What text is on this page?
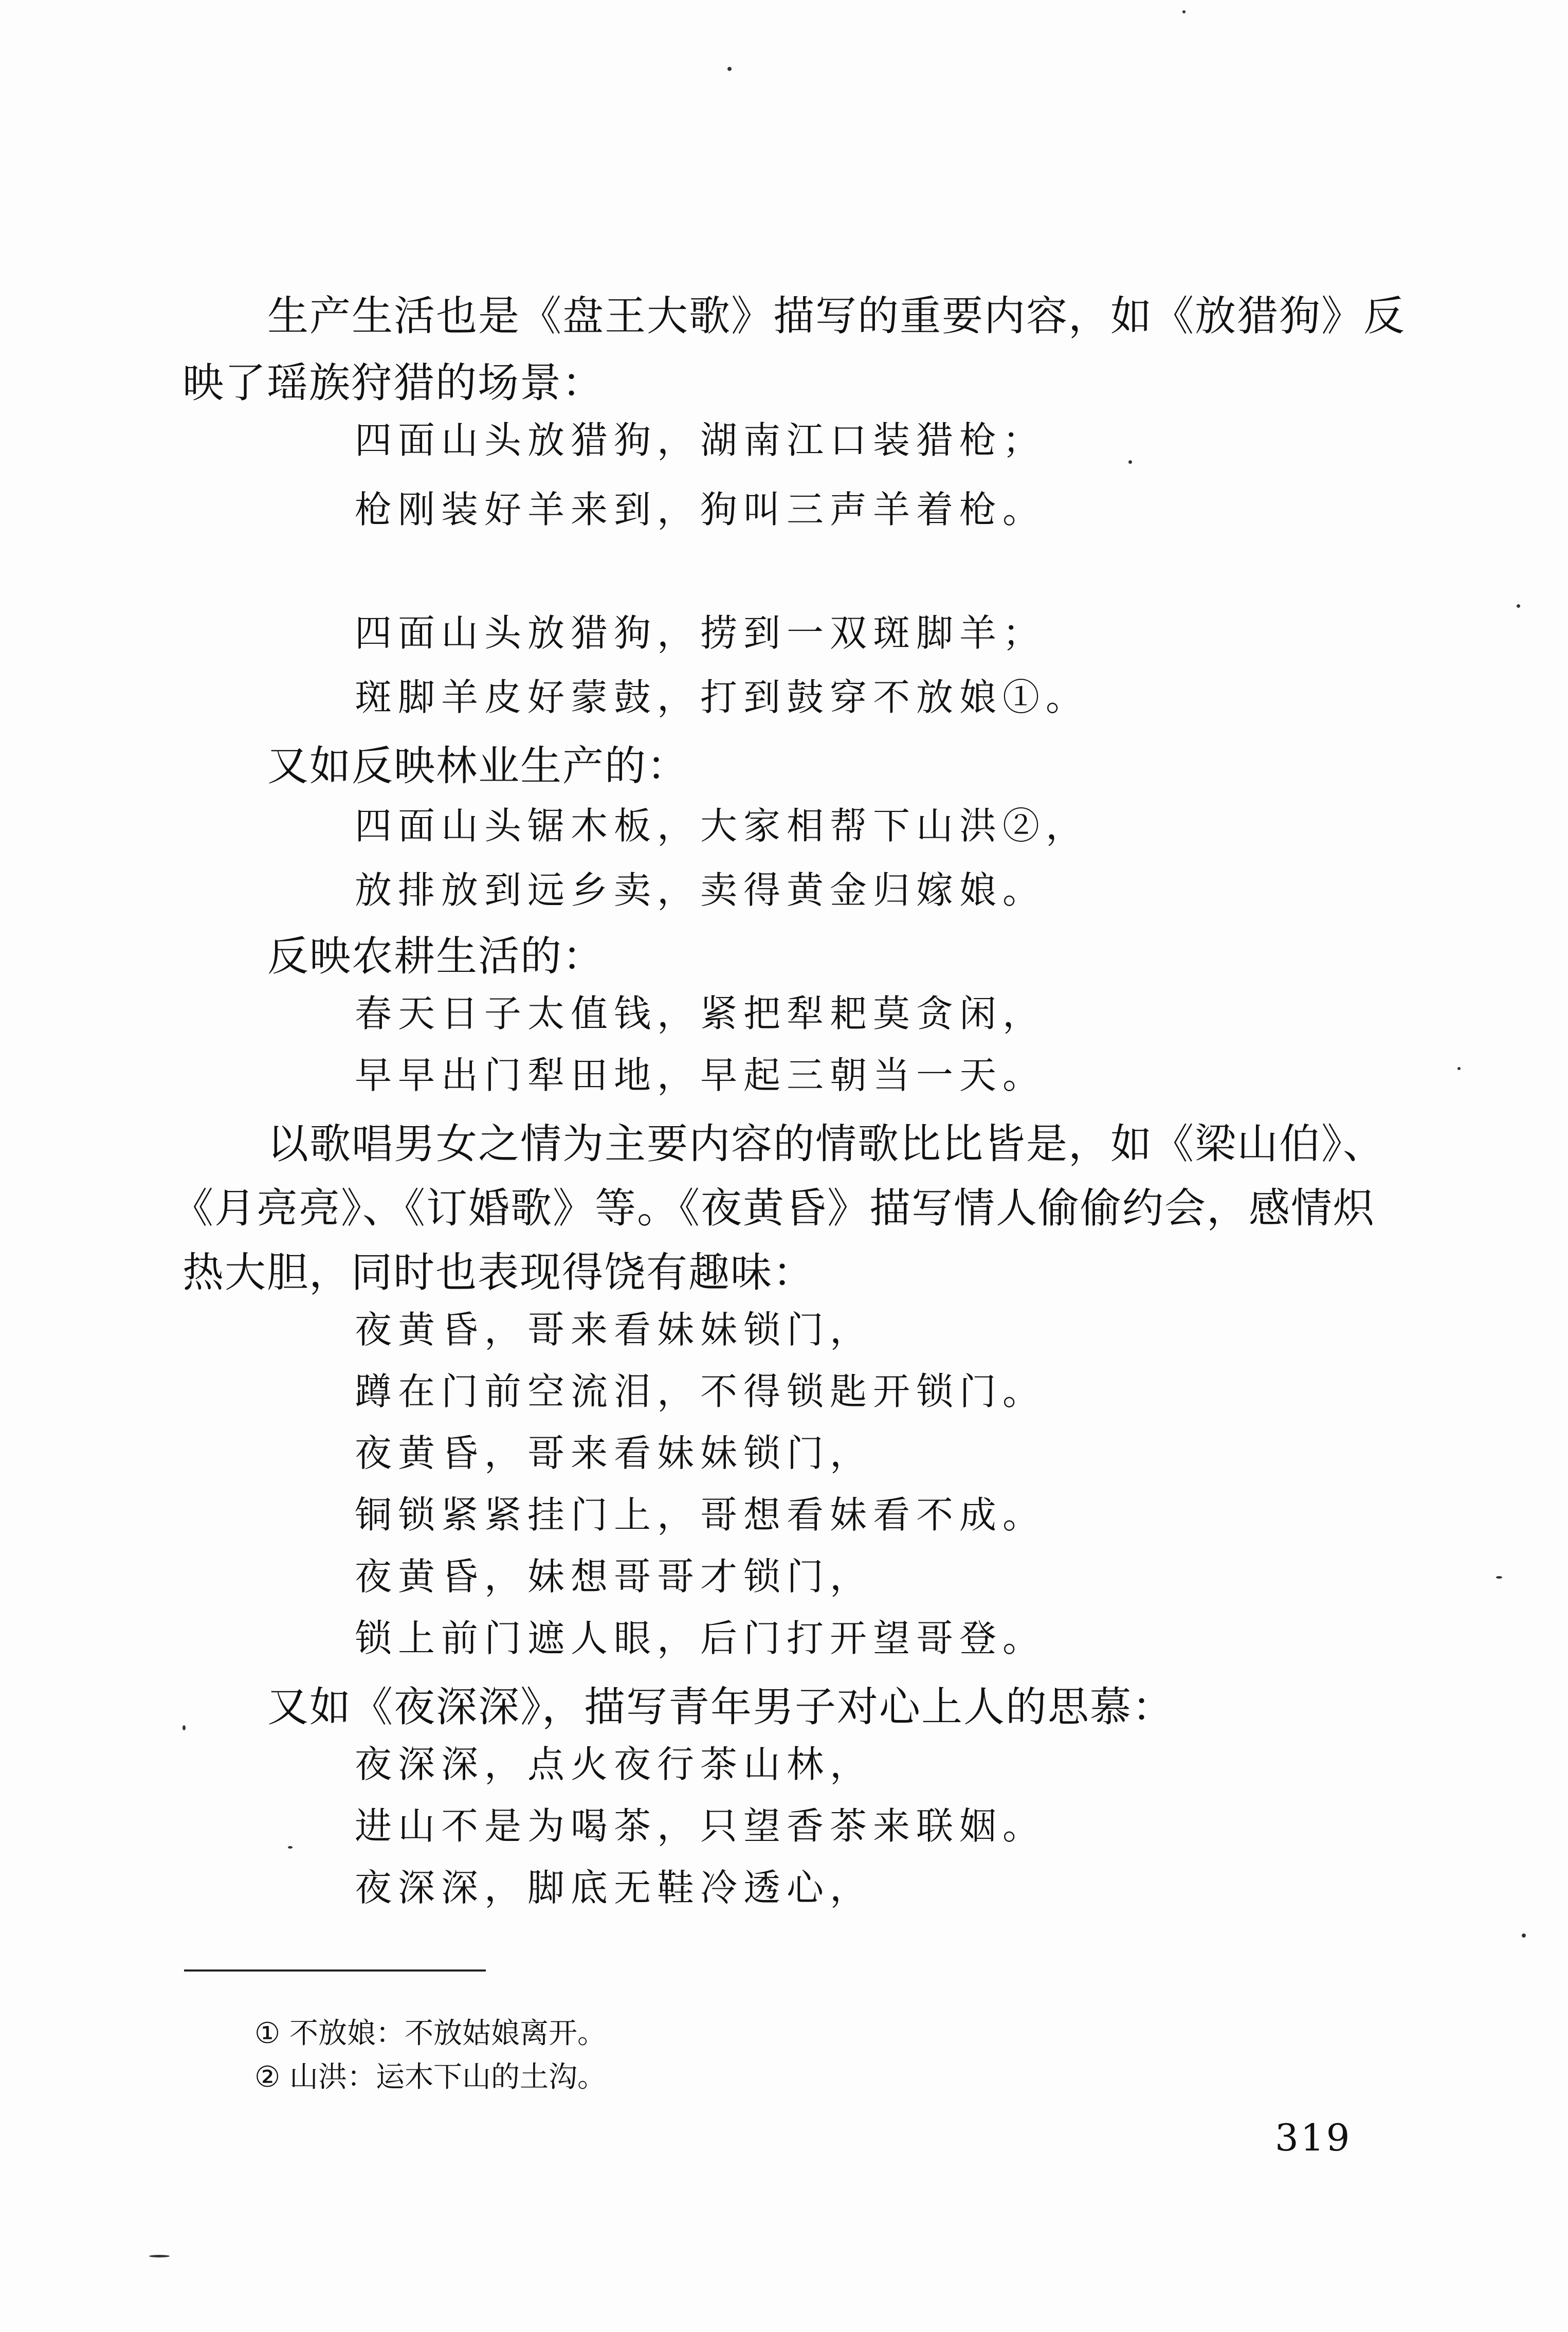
生产生活也是《盘王大歌》描写的重要内容，如《放猎狗》反
映了瑶族狩猎的场景：
四面山头放猎狗，湖南江口装猎枪；
枪刚装好羊来到，狗叫三声羊着枪。
四面山头放猎狗，捞到一双斑脚羊；
斑脚羊皮好蒙鼓，打到鼓穿不放娘①。
又如反映林业生产的：
四面山头锯木板，大家相帮下山洪②，
放排放到远乡卖，卖得黄金归嫁娘。
反映农耕生活的：
春天日子太值钱，紧把犁耙莫贪闲，
早早出门犁田地，早起三朝当一天。
以歌唱男女之情为主要内容的情歌比比皆是，如《梁山伯》、
《月亮亮》、《订婚歌》等。《夜黄昏》描写情人偷偷约会，感情炽
热大胆，同时也表现得饶有趣味：
夜黄昏，哥来看妹妹锁门，
蹲在门前空流泪，不得锁匙开锁门。
夜黄昏，哥来看妹妹锁门，
铜锁紧紧挂门上，哥想看妹看不成。
夜黄昏，妹想哥哥才锁门，
锁上前门遮人眼，后门打开望哥登。
又如《夜深深》，描写青年男子对心上人的思慕：
夜深深，点火夜行茶山林，
进山不是为喝茶，只望香茶来联姻。
夜深深，脚底无鞋冷透心，
① 不放娘：不放姑娘离开。
② 山洪：运木下山的土沟。
319
